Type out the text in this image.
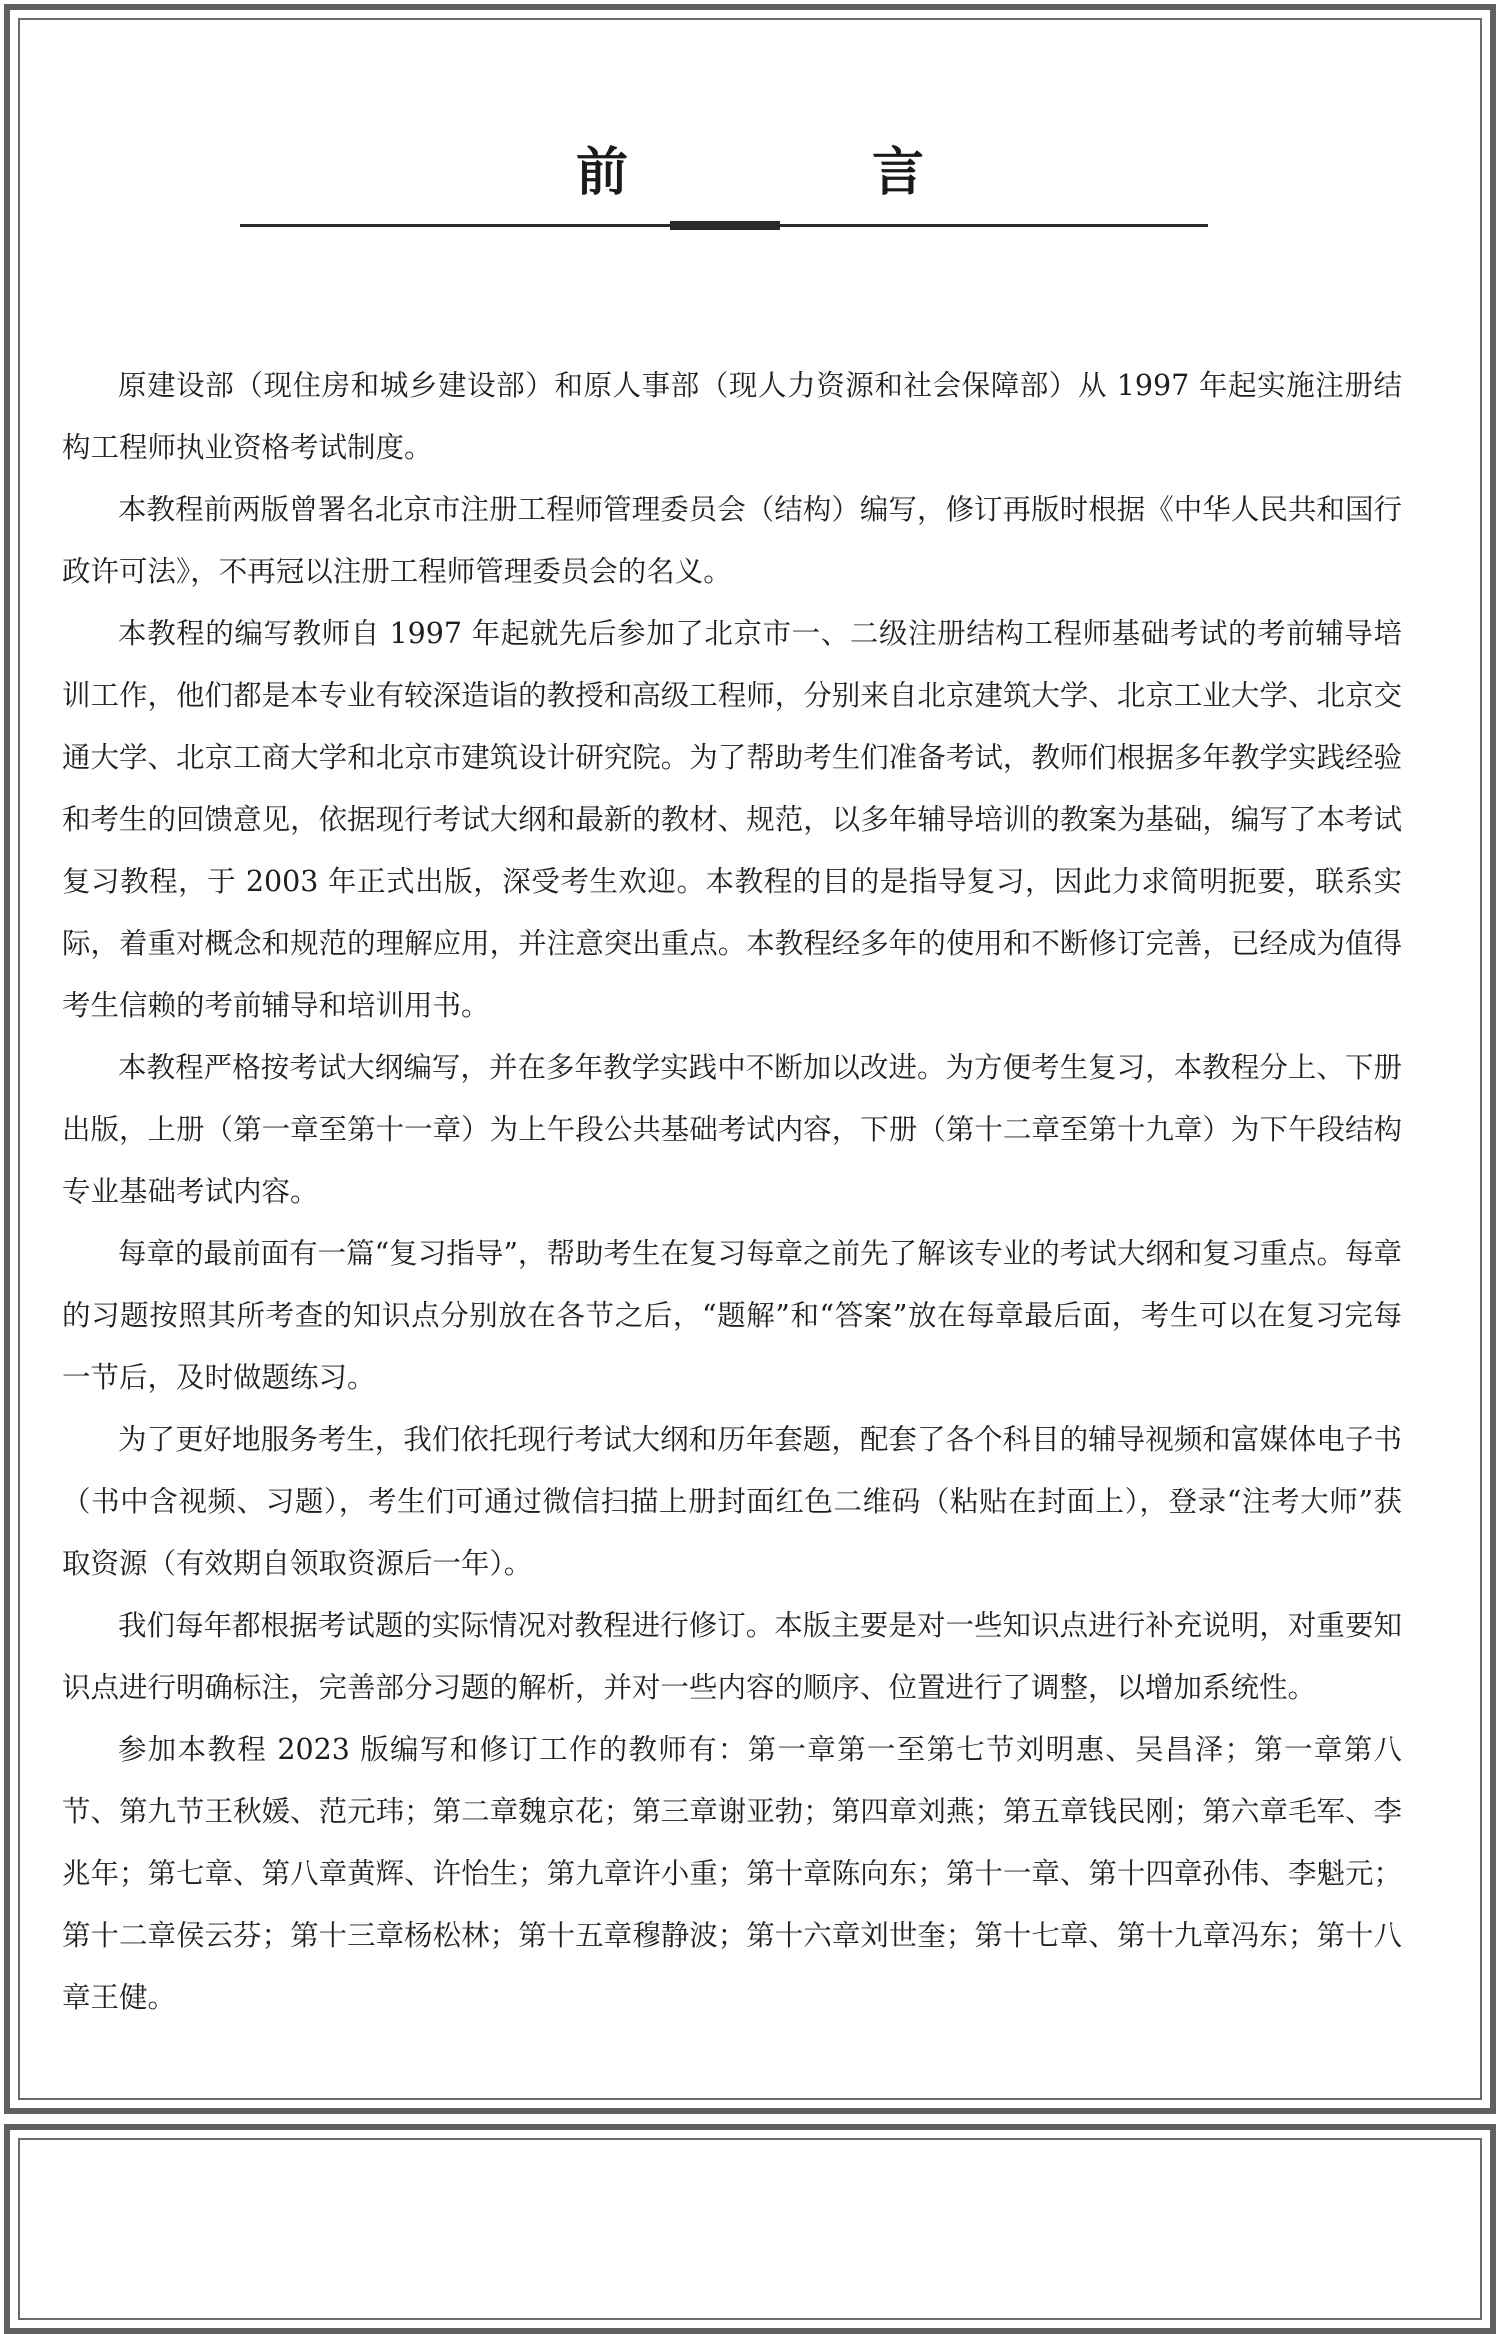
前　言

原建设部（现住房和城乡建设部）和原人事部（现人力资源和社会保障部）从 1997 年起实施注册结构工程师执业资格考试制度。

本教程前两版曾署名北京市注册工程师管理委员会（结构）编写，修订再版时根据《中华人民共和国行政许可法》，不再冠以注册工程师管理委员会的名义。

本教程的编写教师自 1997 年起就先后参加了北京市一、二级注册结构工程师基础考试的考前辅导培训工作，他们都是本专业有较深造诣的教授和高级工程师，分别来自北京建筑大学、北京工业大学、北京交通大学、北京工商大学和北京市建筑设计研究院。为了帮助考生们准备考试，教师们根据多年教学实践经验和考生的回馈意见，依据现行考试大纲和最新的教材、规范，以多年辅导培训的教案为基础，编写了本考试复习教程，于 2003 年正式出版，深受考生欢迎。本教程的目的是指导复习，因此力求简明扼要，联系实际，着重对概念和规范的理解应用，并注意突出重点。本教程经多年的使用和不断修订完善，已经成为值得考生信赖的考前辅导和培训用书。

本教程严格按考试大纲编写，并在多年教学实践中不断加以改进。为方便考生复习，本教程分上、下册出版，上册（第一章至第十一章）为上午段公共基础考试内容，下册（第十二章至第十九章）为下午段结构专业基础考试内容。

每章的最前面有一篇“复习指导”，帮助考生在复习每章之前先了解该专业的考试大纲和复习重点。每章的习题按照其所考查的知识点分别放在各节之后，“题解”和“答案”放在每章最后面，考生可以在复习完每一节后，及时做题练习。

为了更好地服务考生，我们依托现行考试大纲和历年套题，配套了各个科目的辅导视频和富媒体电子书（书中含视频、习题），考生们可通过微信扫描上册封面红色二维码（粘贴在封面上），登录“注考大师”获取资源（有效期自领取资源后一年）。

我们每年都根据考试题的实际情况对教程进行修订。本版主要是对一些知识点进行补充说明，对重要知识点进行明确标注，完善部分习题的解析，并对一些内容的顺序、位置进行了调整，以增加系统性。

参加本教程 2023 版编写和修订工作的教师有：第一章第一至第七节刘明惠、吴昌泽；第一章第八节、第九节王秋媛、范元玮；第二章魏京花；第三章谢亚勃；第四章刘燕；第五章钱民刚；第六章毛军、李兆年；第七章、第八章黄辉、许怡生；第九章许小重；第十章陈向东；第十一章、第十四章孙伟、李魁元；第十二章侯云芬；第十三章杨松林；第十五章穆静波；第十六章刘世奎；第十七章、第十九章冯东；第十八章王健。
